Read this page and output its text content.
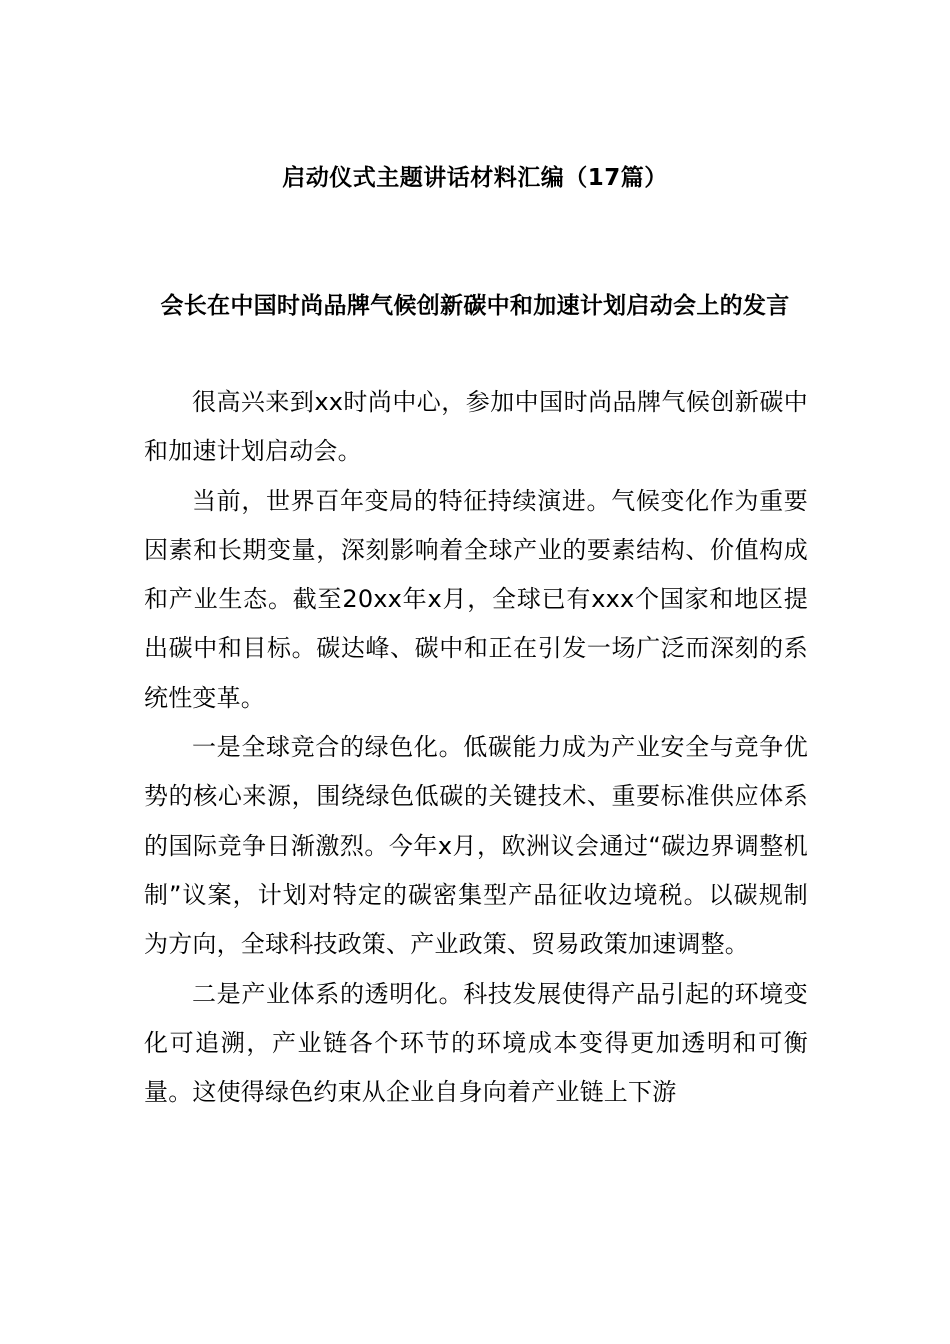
启动仪式主题讲话材料汇编（17篇）
会长在中国时尚品牌气候创新碳中和加速计划启动会上的发言

很高兴来到xx时尚中心，参加中国时尚品牌气候创新碳中和加速计划启动会。

当前，世界百年变局的特征持续演进。气候变化作为重要因素和长期变量，深刻影响着全球产业的要素结构、价值构成和产业生态。截至20xx年x月，全球已有xxx个国家和地区提出碳中和目标。碳达峰、碳中和正在引发一场广泛而深刻的系统性变革。

一是全球竞合的绿色化。低碳能力成为产业安全与竞争优势的核心来源，围绕绿色低碳的关键技术、重要标准供应体系的国际竞争日渐激烈。今年x月，欧洲议会通过“碳边界调整机制”议案，计划对特定的碳密集型产品征收边境税。以碳规制为方向，全球科技政策、产业政策、贸易政策加速调整。

二是产业体系的透明化。科技发展使得产品引起的环境变化可追溯，产业链各个环节的环境成本变得更加透明和可衡量。这使得绿色约束从企业自身向着产业链上下游
